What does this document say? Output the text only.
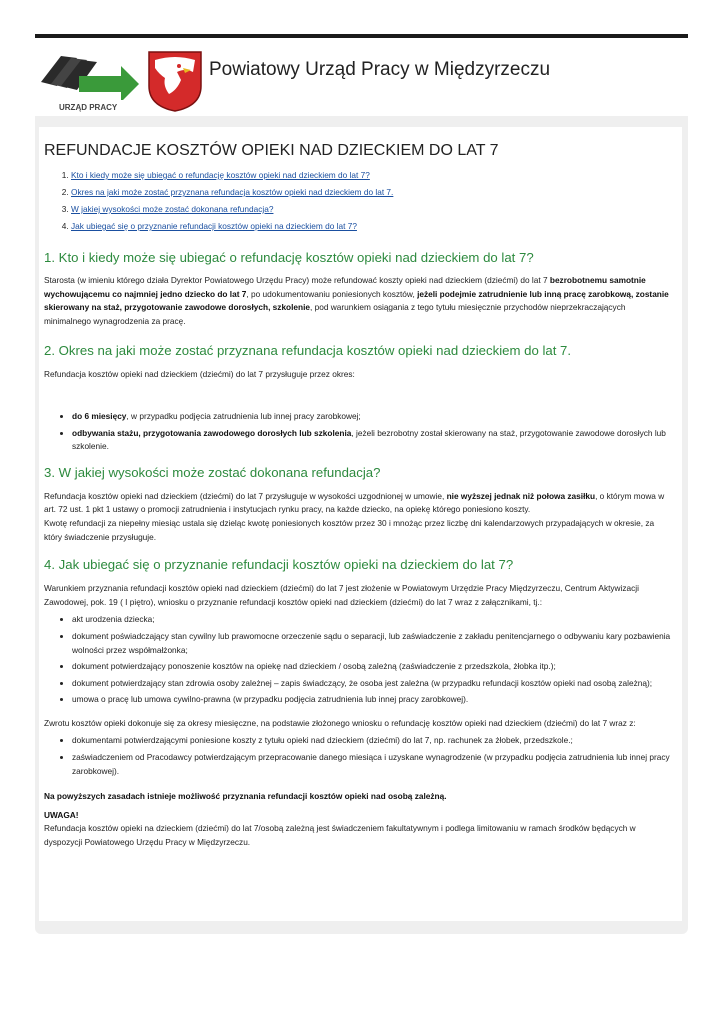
URZĄD PRACY
Powiatowy Urząd Pracy w Międzyrzeczu
REFUNDACJE KOSZTÓW OPIEKI NAD DZIECKIEM DO LAT 7
1. Kto i kiedy może się ubiegać o refundację kosztów opieki nad dzieckiem do lat 7?
2. Okres na jaki może zostać przyznana refundacja kosztów opieki nad dzieckiem do lat 7.
3. W jakiej wysokości może zostać dokonana refundacja?
4. Jak ubiegać się o przyznanie refundacji kosztów opieki na dzieckiem do lat 7?
1. Kto i kiedy może się ubiegać o refundację kosztów opieki nad dzieckiem do lat 7?

Starosta (w imieniu którego działa Dyrektor Powiatowego Urzędu Pracy) może refundować koszty opieki nad dzieckiem (dziećmi) do lat 7 bezrobotnemu samotnie wychowującemu co najmniej jedno dziecko do lat 7, po udokumentowaniu poniesionych kosztów, jeżeli podejmie zatrudnienie lub inną pracę zarobkową, zostanie skierowany na staż, przygotowanie zawodowe dorosłych, szkolenie, pod warunkiem osiągania z tego tytułu miesięcznie przychodów nieprzekraczających minimalnego wynagrodzenia za pracę.

2. Okres na jaki może zostać przyznana refundacja kosztów opieki nad dzieckiem do lat 7.

Refundacja kosztów opieki nad dzieckiem (dziećmi) do lat 7 przysługuje przez okres:

• do 6 miesięcy, w przypadku podjęcia zatrudnienia lub innej pracy zarobkowej;
• odbywania stażu, przygotowania zawodowego dorosłych lub szkolenia, jeżeli bezrobotny został skierowany na staż, przygotowanie zawodowe dorosłych lub szkolenie.
3. W jakiej wysokości może zostać dokonana refundacja?

Refundacja kosztów opieki nad dzieckiem (dziećmi) do lat 7 przysługuje w wysokości uzgodnionej w umowie, nie wyższej jednak niż połowa zasiłku, o którym mowa w art. 72 ust. 1 pkt 1 ustawy o promocji zatrudnienia i instytucjach rynku pracy, na każde dziecko, na opiekę którego poniesiono koszty.

Kwotę refundacji za niepełny miesiąc ustala się dzieląc kwotę poniesionych kosztów przez 30 i mnożąc przez liczbę dni kalendarzowych przypadających w okresie, za który świadczenie przysługuje.

4. Jak ubiegać się o przyznanie refundacji kosztów opieki na dzieckiem do lat 7?

Warunkiem przyznania refundacji kosztów opieki nad dzieckiem (dziećmi) do lat 7 jest złożenie w Powiatowym Urzędzie Pracy Międzyrzeczu, Centrum Aktywizacji Zawodowej, pok. 19 ( I piętro), wniosku o przyznanie refundacji kosztów opieki nad dzieckiem (dziećmi) do lat 7 wraz z załącznikami, tj.:

• akt urodzenia dziecka;
• dokument poświadczający stan cywilny lub prawomocne orzeczenie sądu o separacji, lub zaświadczenie z zakładu penitencjarnego o odbywaniu kary pozbawienia wolności przez współmałżonka;
• dokument potwierdzający ponoszenie kosztów na opiekę nad dzieckiem / osobą zależną (zaświadczenie z przedszkola, żłobka itp.);
• dokument potwierdzający stan zdrowia osoby zależnej – zapis świadczący, że osoba jest zależna (w przypadku refundacji kosztów opieki nad osobą zależną);
• umowa o pracę lub umowa cywilno-prawna (w przypadku podjęcia zatrudnienia lub innej pracy zarobkowej).

Zwrotu kosztów opieki dokonuje się za okresy miesięczne, na podstawie złożonego wniosku o refundację kosztów opieki nad dzieckiem (dziećmi) do lat 7 wraz z:

• dokumentami potwierdzającymi poniesione koszty z tytułu opieki nad dzieckiem (dziećmi) do lat 7, np. rachunek za żłobek, przedszkole.;
• zaświadczeniem od Pracodawcy potwierdzającym przepracowanie danego miesiąca i uzyskane wynagrodzenie (w przypadku podjęcia zatrudnienia lub innej pracy zarobkowej).

Na powyższych zasadach istnieje możliwość przyznania refundacji kosztów opieki nad osobą zależną.

UWAGA!

Refundacja kosztów opieki na dzieckiem (dziećmi) do lat 7/osobą zależną jest świadczeniem fakultatywnym i podlega limitowaniu w ramach środków będących w dyspozycji Powiatowego Urzędu Pracy w Międzyrzeczu.
